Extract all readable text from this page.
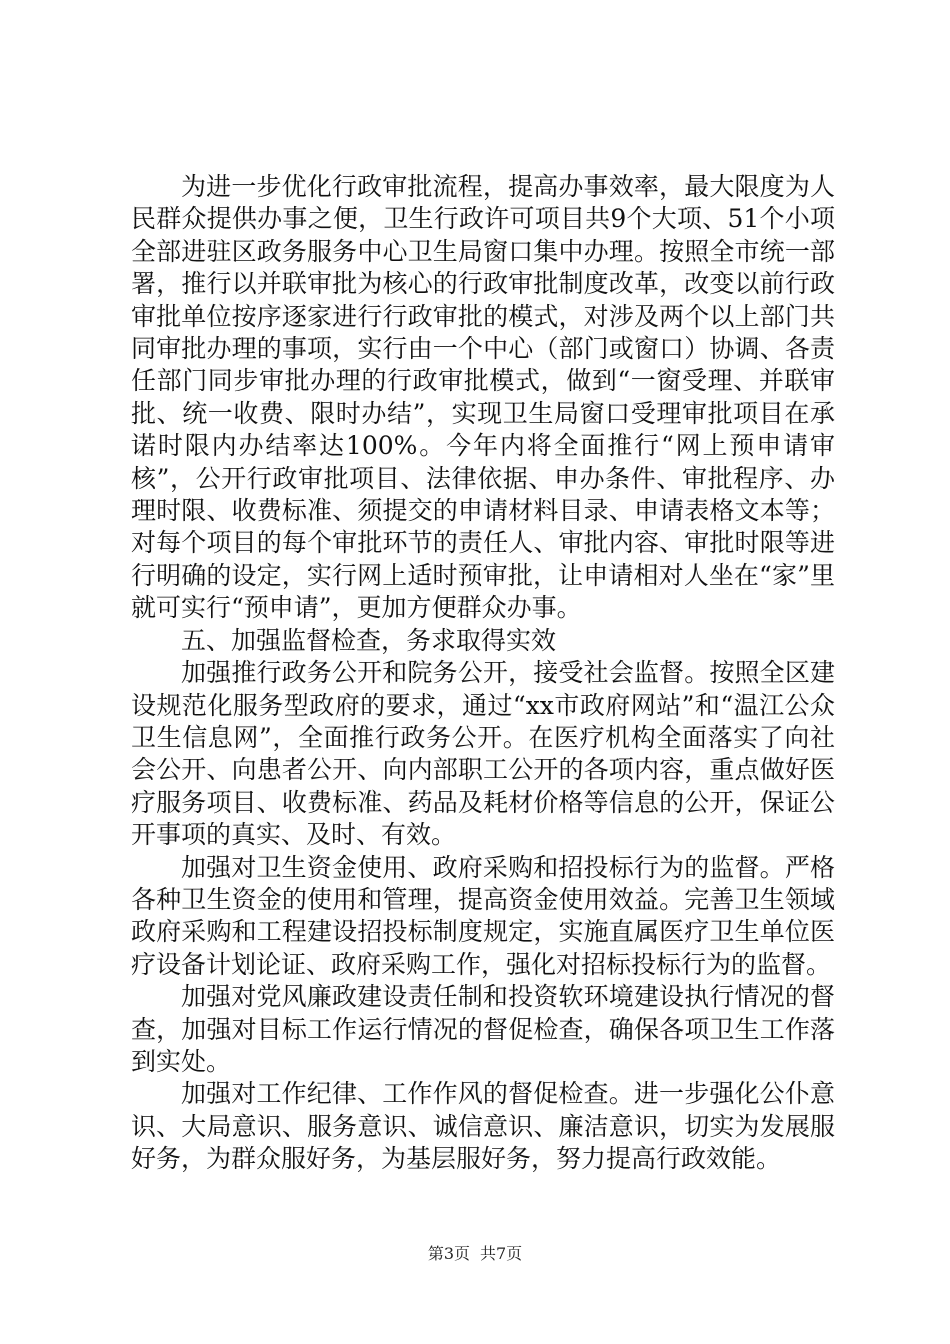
为进一步优化行政审批流程，提高办事效率，最大限度为人民群众提供办事之便，卫生行政许可项目共9个大项、51个小项全部进驻区政务服务中心卫生局窗口集中办理。按照全市统一部署，推行以并联审批为核心的行政审批制度改革，改变以前行政审批单位按序逐家进行行政审批的模式，对涉及两个以上部门共同审批办理的事项，实行由一个中心（部门或窗口）协调、各责任部门同步审批办理的行政审批模式，做到“一窗受理、并联审批、统一收费、限时办结”，实现卫生局窗口受理审批项目在承诺时限内办结率达100%。今年内将全面推行“网上预申请审核”，公开行政审批项目、法律依据、申办条件、审批程序、办理时限、收费标准、须提交的申请材料目录、申请表格文本等；对每个项目的每个审批环节的责任人、审批内容、审批时限等进行明确的设定，实行网上适时预审批，让申请相对人坐在“家”里就可实行“预申请”，更加方便群众办事。

五、加强监督检查，务求取得实效

加强推行政务公开和院务公开，接受社会监督。按照全区建设规范化服务型政府的要求，通过“xx市政府网站”和“温江公众卫生信息网”，全面推行政务公开。在医疗机构全面落实了向社会公开、向患者公开、向内部职工公开的各项内容，重点做好医疗服务项目、收费标准、药品及耗材价格等信息的公开，保证公开事项的真实、及时、有效。

加强对卫生资金使用、政府采购和招投标行为的监督。严格各种卫生资金的使用和管理，提高资金使用效益。完善卫生领域政府采购和工程建设招投标制度规定，实施直属医疗卫生单位医疗设备计划论证、政府采购工作，强化对招标投标行为的监督。

加强对党风廉政建设责任制和投资软环境建设执行情况的督查，加强对目标工作运行情况的督促检查，确保各项卫生工作落到实处。

加强对工作纪律、工作作风的督促检查。进一步强化公仆意识、大局意识、服务意识、诚信意识、廉洁意识，切实为发展服好务，为群众服好务，为基层服好务，努力提高行政效能。

第3页 共7页
